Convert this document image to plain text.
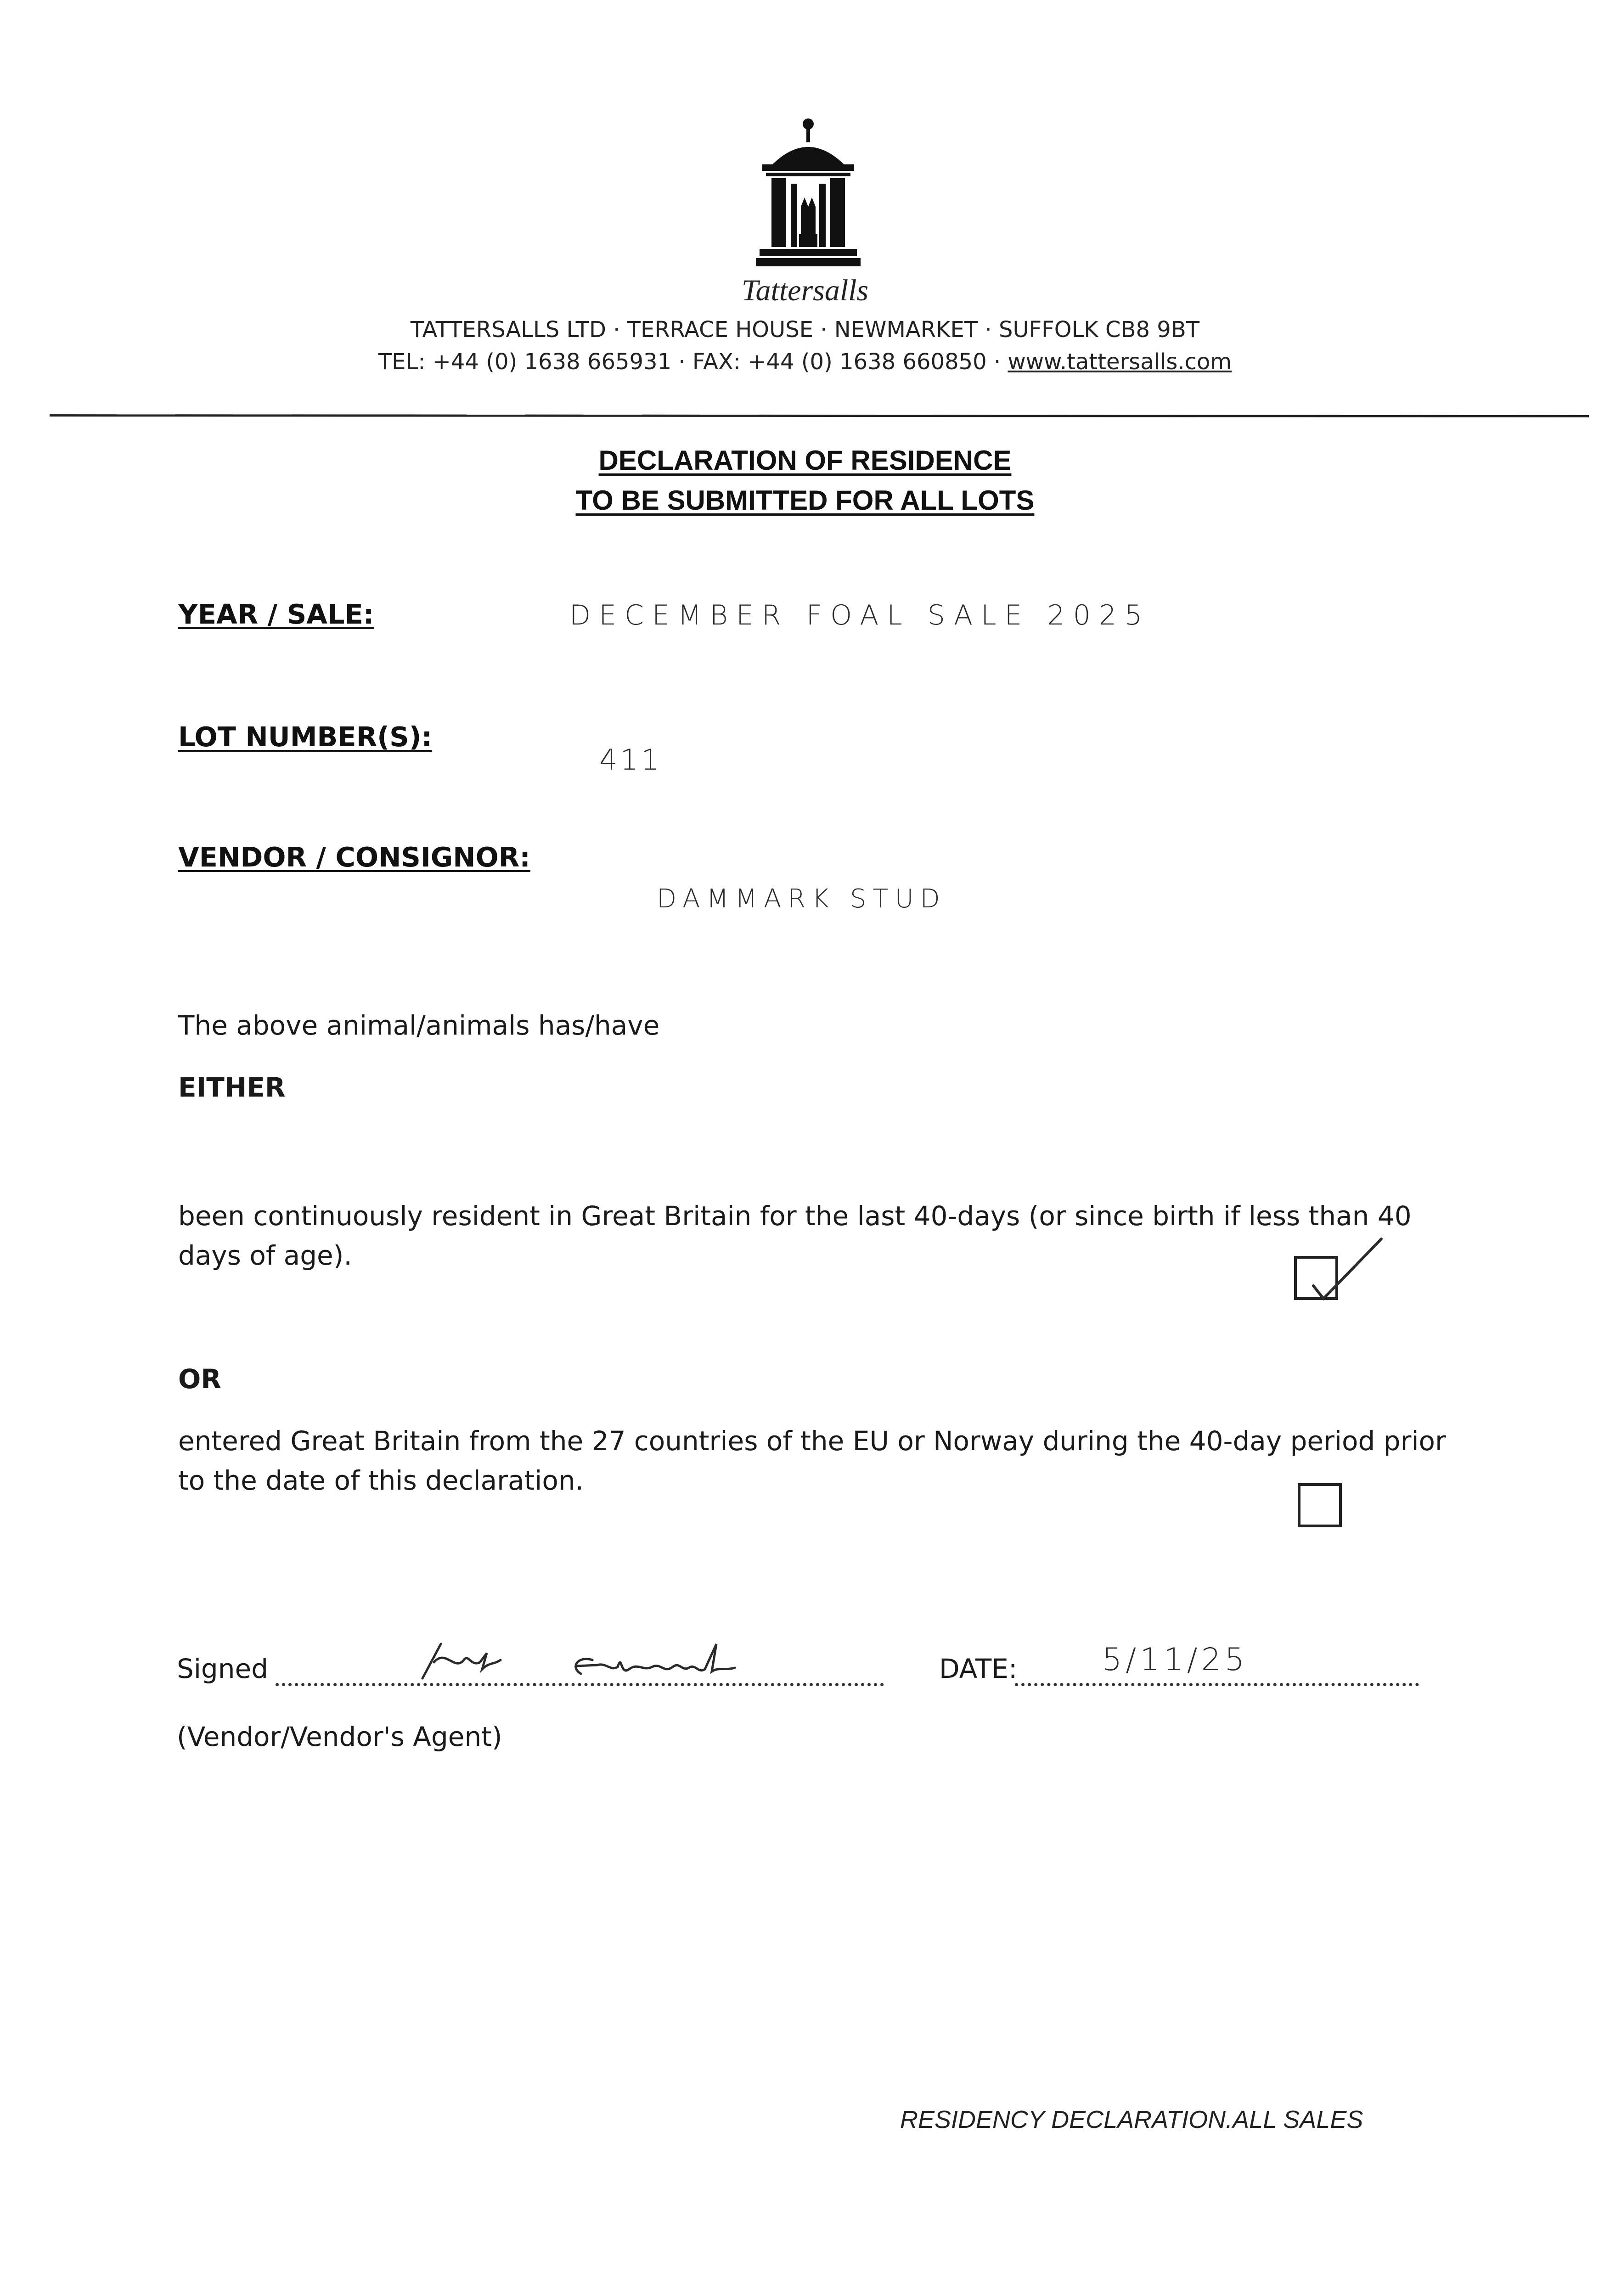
Tattersalls
TATTERSALLS LTD · TERRACE HOUSE · NEWMARKET · SUFFOLK CB8 9BT
TEL: +44 (0) 1638 665931 · FAX: +44 (0) 1638 660850 · www.tattersalls.com
DECLARATION OF RESIDENCE
TO BE SUBMITTED FOR ALL LOTS
YEAR / SALE:	DECEMBER FOAL SALE 2025
LOT NUMBER(S):
411
VENDOR / CONSIGNOR:
DAMMARK STUD
The above animal/animals has/have
EITHER
been continuously resident in Great Britain for the last 40-days (or since birth if less than 40 days of age).
OR
entered Great Britain from the 27 countries of the EU or Norway during the 40-day period prior to the date of this declaration.
Signed	DATE:	5/11/25
(Vendor/Vendor's Agent)
RESIDENCY DECLARATION.ALL SALES
